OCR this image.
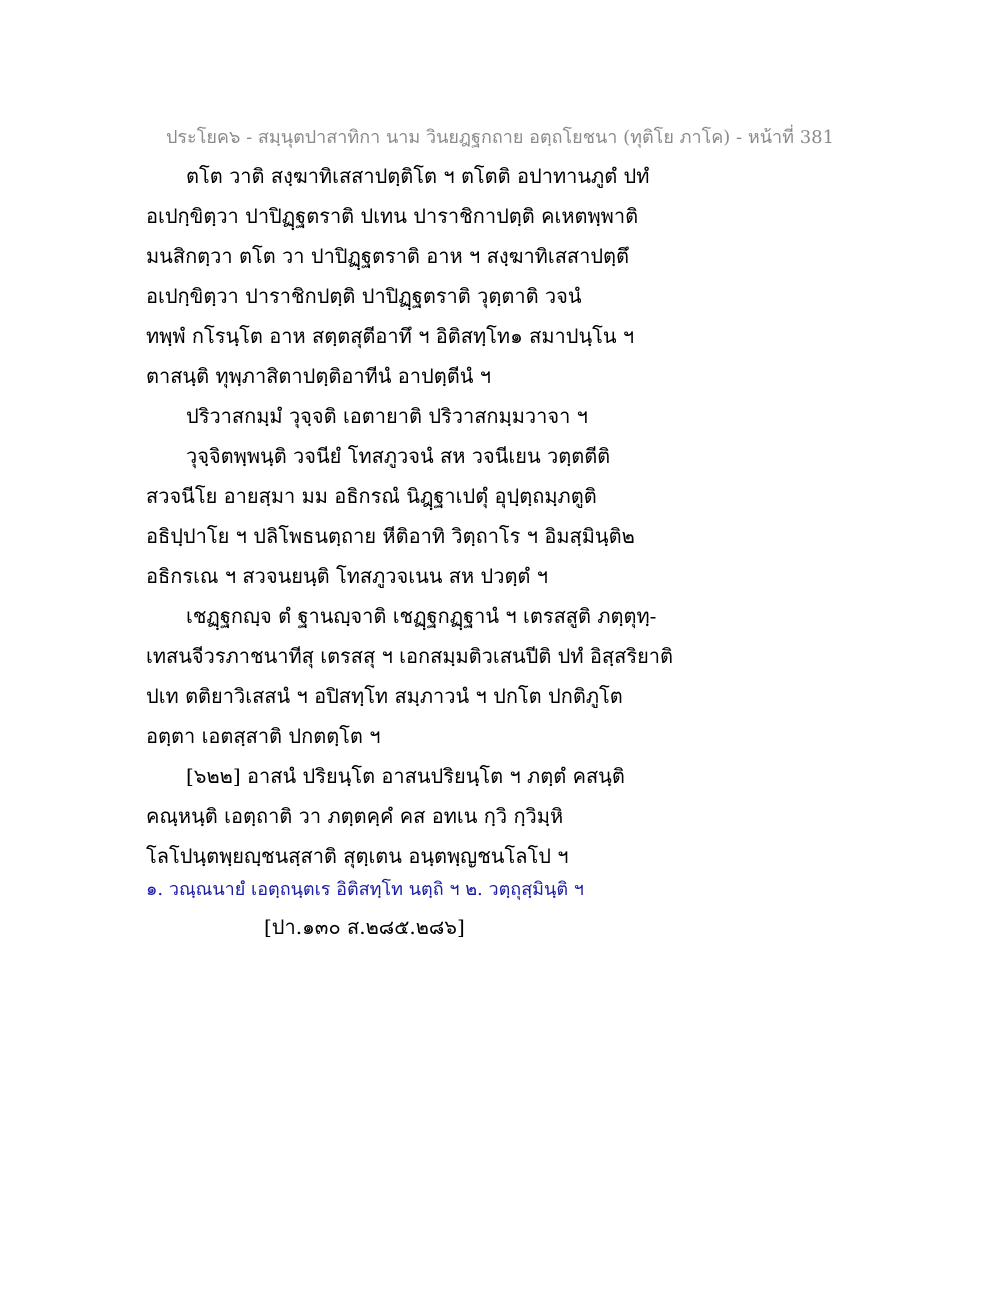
ประโยค๖ - สมฺนุตปาสาทิกา นาม วินยฎฐกถาย อตฺถโยชนา (ทุติโย ภาโค) - หน้าที่ 381
ตโต วาติ สงฺฆาทิเสสาปตฺติโต ฯ ตโตติ อปาทานภูตํ ปทํ
อเปกฺขิตฺวา ปาปิฏฺฐตราติ ปเทน ปาราชิกาปตฺติ คเหตพฺพาติ
มนสิกตฺวา ตโต วา ปาปิฏฺฐตราติ อาห ฯ สงฺฆาทิเสสาปตฺตึ
อเปกฺขิตฺวา ปาราชิกปตฺติ ปาปิฏฺฐตราติ วุตฺตาติ วจนํ
ทพฺพํ กโรนฺโต อาห สตฺตสุตีอาทึ ฯ อิติสทฺโท๑ สมาปนฺโน ฯ
ตาสนฺติ ทุพฺภาสิตาปตฺติอาทีนํ อาปตฺตีนํ ฯ
ปริวาสกมฺมํ วุจฺจติ เอตายาติ ปริวาสกมฺมวาจา ฯ
วุจฺจิตพฺพนฺติ วจนียํ โทสภูวจนํ สห วจนีเยน วตฺตตีติ
สวจนีโย อายสฺมา มม อธิกรณํ นิฎฺฐาเปตุํ อุปฺตฺถมฺภตูติ
อธิปฺปาโย ฯ ปลิโพธนตฺถาย หีติอาทิ วิตฺถาโร ฯ อิมสฺมินฺติ๒
อธิกรเณ ฯ สวจนยนฺติ โทสภูวจเนน สห ปวตฺตํ ฯ
เชฏฺฐกญฺจ ตํ ฐานญฺจาติ เชฏฺฐกฏฺฐานํ ฯ เตรสสูติ ภตฺตุทฺ-
เทสนจีวรภาชนาทีสุ เตรสสุ ฯ เอกสมฺมติวเสนปีติ ปทํ อิสฺสริยาติ
ปเท ตติยาวิเสสนํ ฯ อปิสทฺโท สมฺภาวนํ ฯ ปกโต ปกติภูโต
อตฺตา เอตสฺสาติ ปกตตฺโต ฯ
[๖๒๒] อาสนํ ปริยนฺโต อาสนปริยนฺโต ฯ ภตฺตํ คสนฺติ
คณฺหนฺติ เอตฺถาติ วา ภตฺตคฺคํ คส อทเน กฺวิ กฺวิมฺหิ
โลโปนฺตพฺยญฺชนสฺสาติ สุตฺเตน อนฺตพฺญชนโลโป ฯ
๑. วณฺณนายํ เอตฺถนฺตเร อิติสทฺโท นตฺถิ ฯ ๒. วตฺถุสฺมินฺติ ฯ
[ปา.๑๓๐ ส.๒๘๕.๒๘๖]
